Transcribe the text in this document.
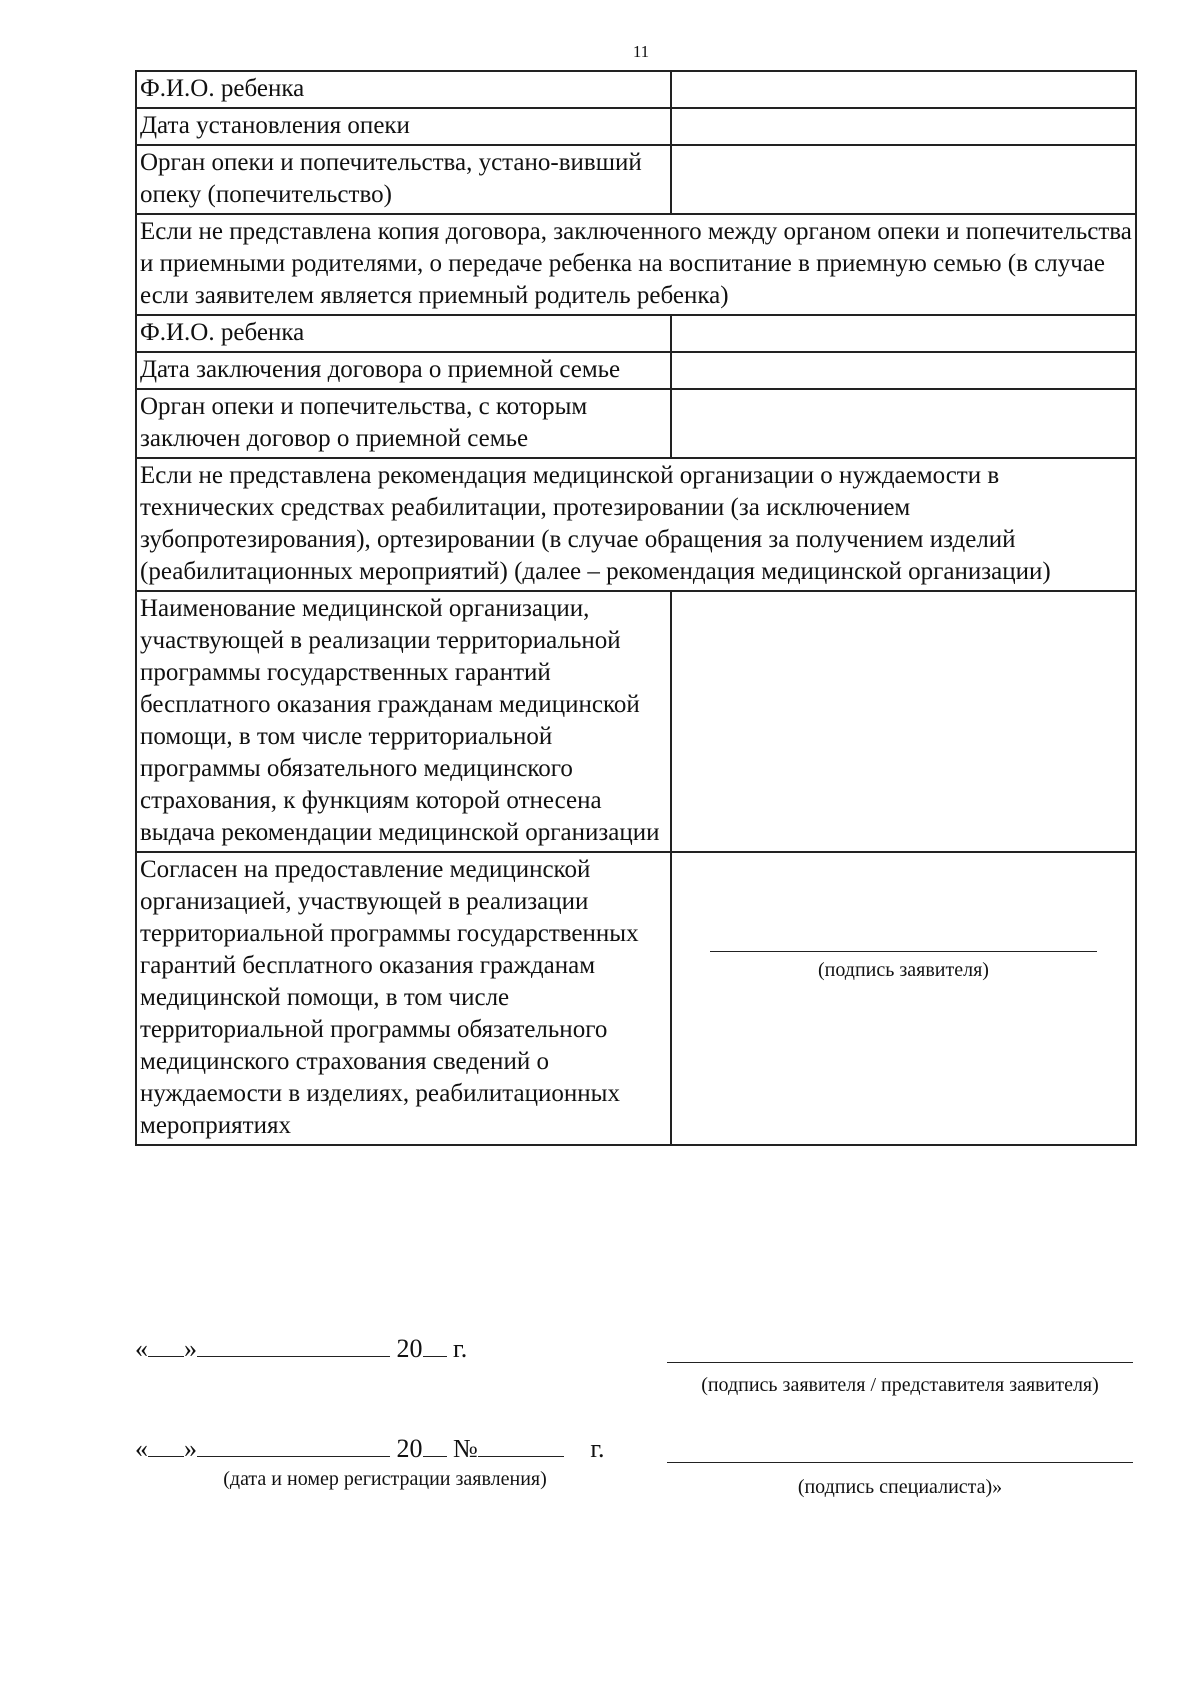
11
Ф.И.О. ребенка	
Дата установления опеки	
Орган опеки и попечительства, устано-вивший опеку (попечительство)	
Если не представлена копия договора, заключенного между органом опеки и попечительства и приемными родителями, о передаче ребенка на воспитание в приемную семью (в случае если заявителем является приемный родитель ребенка)	
Ф.И.О. ребенка	
Дата заключения договора о приемной семье	
Орган опеки и попечительства, с которым заключен договор о приемной семье	
Если не представлена рекомендация медицинской организации о нуждаемости в технических средствах реабилитации, протезировании (за исключением зубопротезирования), ортезировании (в случае обращения за получением изделий (реабилитационных мероприятий) (далее – рекомендация медицинской организации)	
Наименование медицинской организации, участвующей в реализации территориальной программы государственных гарантий бесплатного оказания гражданам медицинской помощи, в том числе территориальной программы обязательного медицинского страхования, к функциям которой отнесена выдача рекомендации медицинской организации	
Согласен на предоставление медицинской организацией, участвующей в реализации территориальной программы государственных гарантий бесплатного оказания гражданам медицинской помощи, в том числе территориальной программы обязательного медицинского страхования сведений о нуждаемости в изделиях, реабилитационных мероприятиях	(подпись заявителя)
« »	20 г.
(подпись заявителя / представителя заявителя)
« »	20 №	г.
(дата и номер регистрации заявления)	(подпись специалиста)»
